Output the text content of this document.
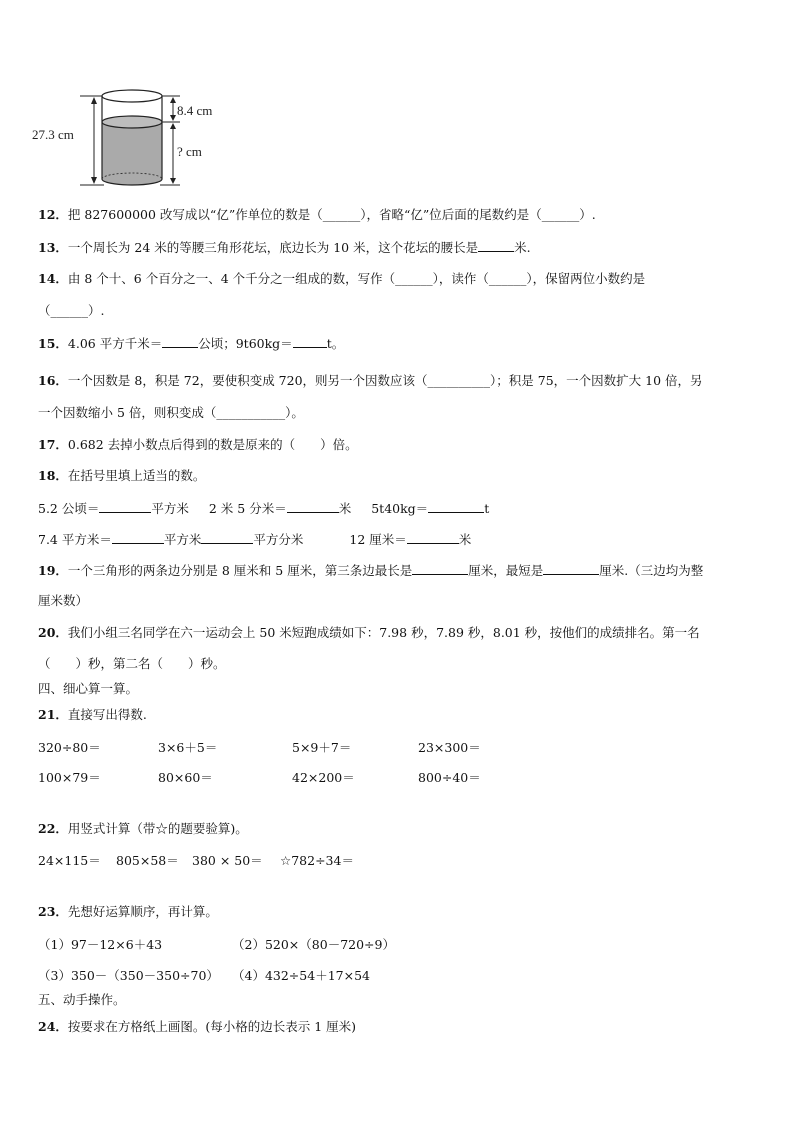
27.3 cm
8.4 cm
? cm
12．把 827600000 改写成以“亿”作单位的数是（______），省略“亿”位后面的尾数约是（______）.
13．一个周长为 24 米的等腰三角形花坛，底边长为 10 米，这个花坛的腰长是	米.
14．由 8 个十、6 个百分之一、4 个千分之一组成的数，写作（______），读作（______），保留两位小数约是
（______）.
15．4.06 平方千米＝	公顷；9t60kg＝	t。
16．一个因数是 8，积是 72，要使积变成 720，则另一个因数应该（__________）；积是 75，一个因数扩大 10 倍，另
一个因数缩小 5 倍，则积变成（___________）。
17．0.682 去掉小数点后得到的数是原来的（　　）倍。
18．在括号里填上适当的数。
5.2 公顷＝	平方米 2 米 5 分米＝	米 5t40kg＝	t
7.4 平方米＝	平方米	平方分米	12 厘米＝	米
19．一个三角形的两条边分别是 8 厘米和 5 厘米，第三条边最长是	厘米，最短是	厘米.（三边均为整
厘米数）
20．我们小组三名同学在六一运动会上 50 米短跑成绩如下：7.98 秒，7.89 秒，8.01 秒，按他们的成绩排名。第一名
（　　）秒，第二名（　　）秒。
四、细心算一算。
21．直接写出得数.
320÷80＝	3×6＋5＝	5×9＋7＝	23×300＝
100×79＝	80×60＝	42×200＝	800÷40＝
22．用竖式计算（带☆的题要验算)。
24×115＝ 805×58＝ 380 × 50＝ ☆782÷34＝
23．先想好运算顺序，再计算。
（1）97－12×6＋43	（2）520×（80－720÷9）
（3）350－（350－350÷70） （4）432÷54＋17×54
五、动手操作。
24．按要求在方格纸上画图。(每小格的边长表示 1 厘米)
